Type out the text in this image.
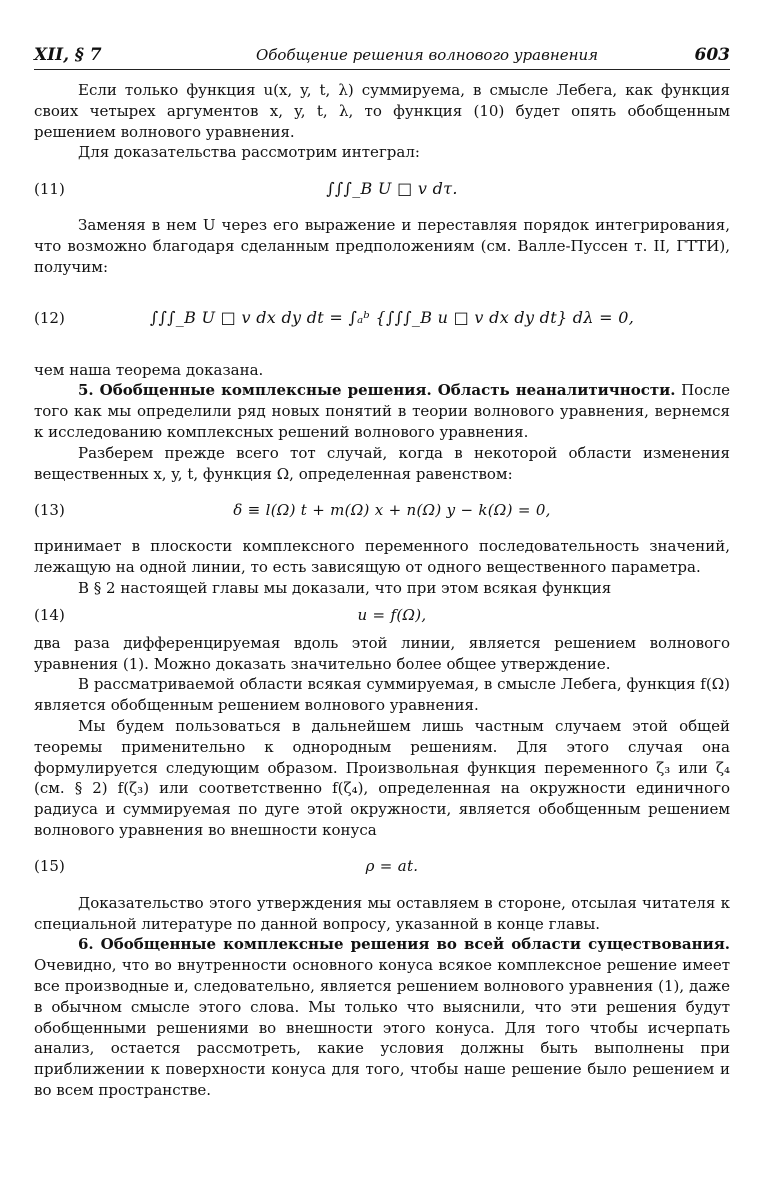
XII, § 7	Обобщение решения волнового уравнения	603

Если только функция u(x, y, t, λ) суммируема, в смысле Лебега, как функция своих четырех аргументов x, y, t, λ, то функция (10) будет опять обобщенным решением волнового уравнения.

Для доказательства рассмотрим интеграл:

(11)	∫∫∫_B U □ v dτ.

Заменяя в нем U через его выражение и переставляя порядок интегрирования, что возможно благодаря сделанным предположениям (см. Валле-Пуссен т. II, ГТТИ), получим:

(12)	∫∫∫_B U □ v dx dy dt = ∫ₐᵇ {∫∫∫_B u □ v dx dy dt} dλ = 0,

чем наша теорема доказана.

5. Обобщенные комплексные решения. Область неаналитичности. После того как мы определили ряд новых понятий в теории волнового уравнения, вернемся к исследованию комплексных решений волнового уравнения.

Разберем прежде всего тот случай, когда в некоторой области изменения вещественных x, y, t, функция Ω, определенная равенством:

(13)	δ ≡ l(Ω) t + m(Ω) x + n(Ω) y − k(Ω) = 0,

принимает в плоскости комплексного переменного последовательность значений, лежащую на одной линии, то есть зависящую от одного вещественного параметра.

В § 2 настоящей главы мы доказали, что при этом всякая функция

(14)	u = f(Ω),

два раза дифференцируемая вдоль этой линии, является решением волнового уравнения (1). Можно доказать значительно более общее утверждение.

В рассматриваемой области всякая суммируемая, в смысле Лебега, функция f(Ω) является обобщенным решением волнового уравнения.

Мы будем пользоваться в дальнейшем лишь частным случаем этой общей теоремы применительно к однородным решениям. Для этого случая она формулируется следующим образом. Произвольная функция переменного ζ₃ или ζ₄ (см. § 2) f(ζ₃) или соответственно f(ζ₄), определенная на окружности единичного радиуса и суммируемая по дуге этой окружности, является обобщенным решением волнового уравнения во внешности конуса

(15)	ρ = at.

Доказательство этого утверждения мы оставляем в стороне, отсылая читателя к специальной литературе по данной вопросу, указанной в конце главы.

6. Обобщенные комплексные решения во всей области существования. Очевидно, что во внутренности основного конуса всякое комплексное решение имеет все производные и, следовательно, является решением волнового уравнения (1), даже в обычном смысле этого слова. Мы только что выяснили, что эти решения будут обобщенными решениями во внешности этого конуса. Для того чтобы исчерпать анализ, остается рассмотреть, какие условия должны быть выполнены при приближении к поверхности конуса для того, чтобы наше решение было решением и во всем пространстве.
